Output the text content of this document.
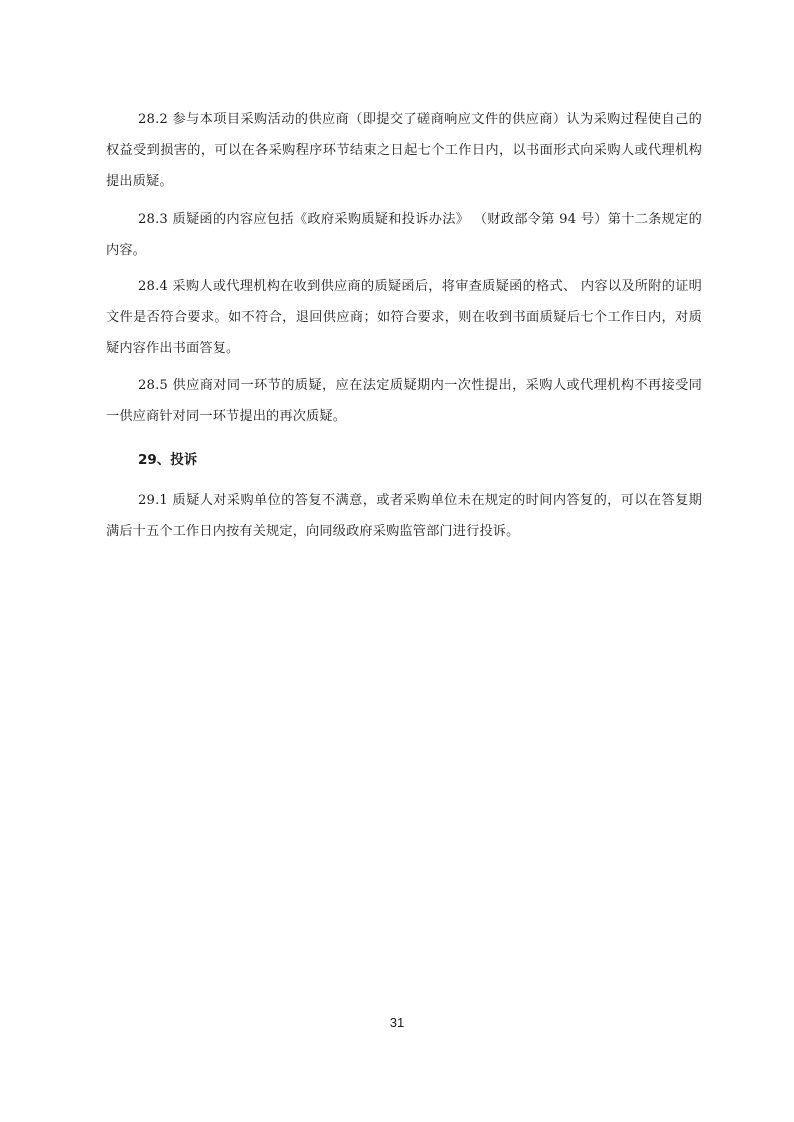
28.2 参与本项目采购活动的供应商（即提交了磋商响应文件的供应商）认为采购过程使自己的权益受到损害的，可以在各采购程序环节结束之日起七个工作日内，以书面形式向采购人或代理机构提出质疑。

28.3 质疑函的内容应包括《政府采购质疑和投诉办法》 （财政部令第 94 号）第十二条规定的内容。

28.4 采购人或代理机构在收到供应商的质疑函后，将审查质疑函的格式、 内容以及所附的证明文件是否符合要求。如不符合，退回供应商；如符合要求，则在收到书面质疑后七个工作日内，对质疑内容作出书面答复。

28.5 供应商对同一环节的质疑，应在法定质疑期内一次性提出，采购人或代理机构不再接受同一供应商针对同一环节提出的再次质疑。

29、投诉

29.1 质疑人对采购单位的答复不满意，或者采购单位未在规定的时间内答复的，可以在答复期满后十五个工作日内按有关规定，向同级政府采购监管部门进行投诉。

31
